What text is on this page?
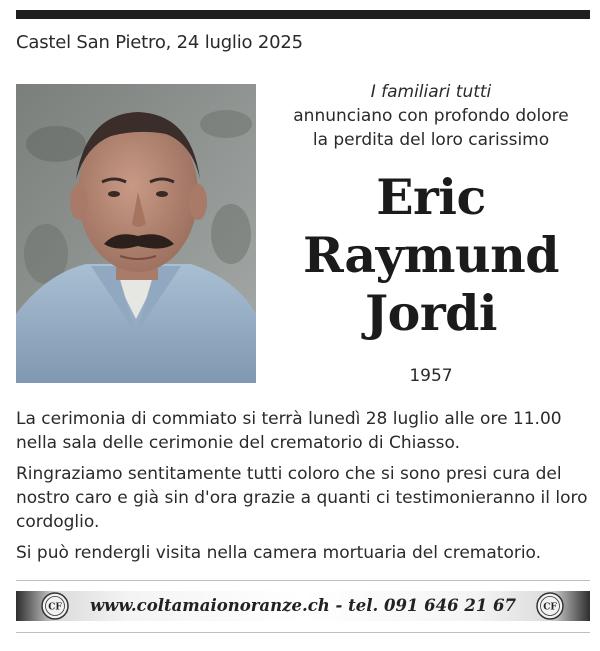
Castel San Pietro, 24 luglio 2025
I familiari tutti
annunciano con profondo dolore
la perdita del loro carissimo
Eric
Raymund
Jordi
1957

La cerimonia di commiato si terrà lunedì 28 luglio alle ore 11.00 nella sala delle cerimonie del crematorio di Chiasso.

Ringraziamo sentitamente tutti coloro che si sono presi cura del nostro caro e già sin d'ora grazie a quanti ci testimonieranno il loro cordoglio.

Si può rendergli visita nella camera mortuaria del crematorio.

CF	www.coltamaionoranze.ch - tel. 091 646 21 67	CF
